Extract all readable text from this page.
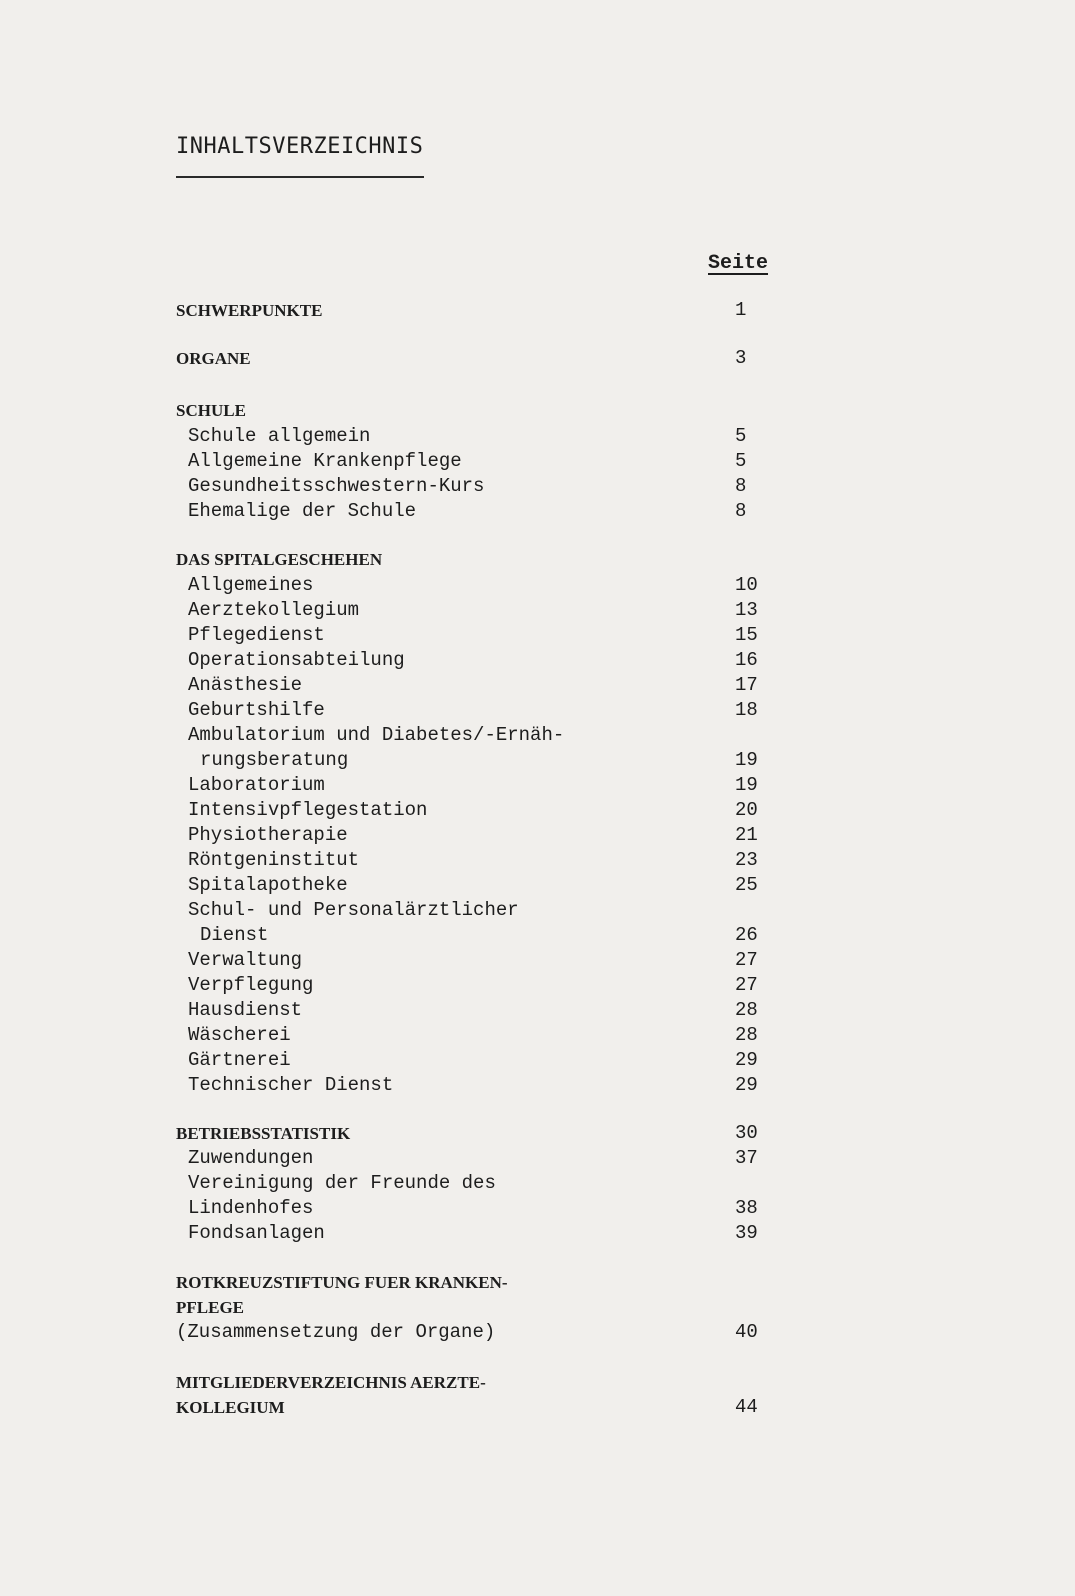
INHALTSVERZEICHNIS
Seite
SCHWERPUNKTE	1
ORGANE	3
SCHULE
Schule allgemein	5
Allgemeine Krankenpflege	5
Gesundheitsschwestern-Kurs	8
Ehemalige der Schule	8
DAS SPITALGESCHEHEN
Allgemeines	10
Aerztekollegium	13
Pflegedienst	15
Operationsabteilung	16
Anästhesie	17
Geburtshilfe	18
Ambulatorium und Diabetes/-Ernäh-
rungsberatung	19
Laboratorium	19
Intensivpflegestation	20
Physiotherapie	21
Röntgeninstitut	23
Spitalapotheke	25
Schul- und Personalärztlicher
Dienst	26
Verwaltung	27
Verpflegung	27
Hausdienst	28
Wäscherei	28
Gärtnerei	29
Technischer Dienst	29
BETRIEBSSTATISTIK	30
Zuwendungen	37
Vereinigung der Freunde des
Lindenhofes	38
Fondsanlagen	39
ROTKREUZSTIFTUNG FUER KRANKEN-
PFLEGE
(Zusammensetzung der Organe)	40
MITGLIEDERVERZEICHNIS AERZTE-
KOLLEGIUM	44
